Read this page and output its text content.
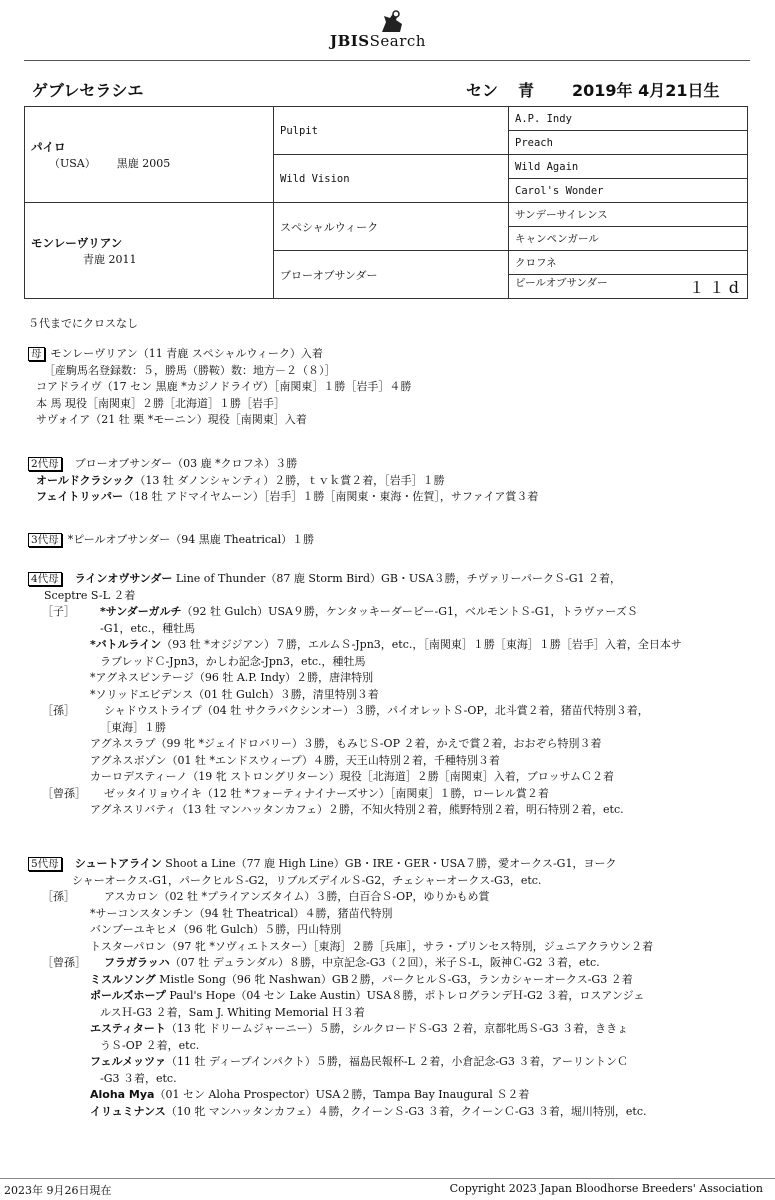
JBISSearch
ゲブレセラシエ	セン 青 2019年 4月21日生
パイロ
（USA） 黒鹿 2005	Pulpit	A.P. Indy
		Preach
	Wild Vision	Wild Again
		Carol's Wonder

モンレーヴリアン
青鹿 2011	スペシャルウィーク	サンデーサイレンス
		キャンペンガール
	ブローオブサンダー	クロフネ
		ピールオブサンダー １１d
５代までにクロスなし
母 モンレーヴリアン（11 青鹿 スペシャルウィーク）入着
［産駒馬名登録数：５，勝馬（勝鞍）数：地方－２（８）］
コアドライヴ（17 セン 黒鹿 *カジノドライヴ）［南関東］１勝［岩手］４勝
本 馬 現役［南関東］２勝［北海道］１勝［岩手］
サヴォイア（21 牡 栗 *モーニン）現役［南関東］入着
2代母 ブローオブサンダー（03 鹿 *クロフネ）３勝
オールドクラシック（13 牡 ダノンシャンティ）２勝，ｔｖｋ賞２着，［岩手］１勝
フェイトリッパー（18 牡 アドマイヤムーン）［岩手］１勝［南関東・東海・佐賀］，サファイア賞３着
3代母 *ピールオブサンダー（94 黒鹿 Theatrical）１勝
4代母 ラインオヴサンダー Line of Thunder（87 鹿 Storm Bird）GB・USA３勝，チヴァリーパークＳ-G1 ２着，
Sceptre S-L ２着
［子］ *サンダーガルチ（92 牡 Gulch）USA９勝，ケンタッキーダービー-G1，ベルモントＳ-G1，トラヴァーズＳ
-G1，etc.，種牡馬
*バトルライン（93 牡 *オジジアン）７勝，エルムＳ-Jpn3，etc.，［南関東］１勝［東海］１勝［岩手］入着，全日本サ
ラブレッドＣ-Jpn3，かしわ記念-Jpn3，etc.，種牡馬
*アグネスビンテージ（96 牡 A.P. Indy）２勝，唐津特別
*ソリッドエビデンス（01 牡 Gulch）３勝，清里特別３着
［孫］	シャドウストライプ（04 牡 サクラバクシンオー）３勝，パイオレットＳ-OP，北斗賞２着，猪苗代特別３着，
［東海］１勝
アグネスラプ（99 牝 *ジェイドロバリー）３勝，もみじＳ-OP ２着，かえで賞２着，おおぞら特別３着
アグネスボゾン（01 牡 *エンドスウィープ）４勝，天王山特別２着，千種特別３着
カーロデスティーノ（19 牝 ストロングリターン）現役［北海道］２勝［南関東］入着，ブロッサムＣ２着
［曾孫］ ゼッタイリョウイキ（12 牡 *フォーティナイナーズサン）［南関東］１勝，ローレル賞２着
アグネスリバティ（13 牡 マンハッタンカフェ）２勝，不知火特別２着，熊野特別２着，明石特別２着，etc.
5代母 シュートアライン Shoot a Line（77 鹿 High Line）GB・IRE・GER・USA７勝，愛オークス-G1，ヨーク
シャーオークス-G1，パークヒルＳ-G2，リブルズデイルＳ-G2，チェシャーオークス-G3，etc.
［孫］	アスカロン（02 牡 *プライアンズタイム）３勝，白百合Ｓ-OP，ゆりかもめ賞
*サーコンスタンチン（94 牡 Theatrical）４勝，猪苗代特別
バンブーユキヒメ（96 牝 Gulch）５勝，円山特別
トスターパロン（97 牝 *ソヴィエトスター）［東海］２勝［兵庫］，サラ・プリンセス特別，ジュニアクラウン２着
［曾孫］ フラガラッハ（07 牡 デュランダル）８勝，中京記念-G3（２回），米子Ｓ-L，阪神Ｃ-G2 ３着，etc.
ミスルソング Mistle Song（96 牝 Nashwan）GB２勝，パークヒルＳ-G3，ランカシャーオークス-G3 ２着
ポールズホープ Paul's Hope（04 セン Lake Austin）USA８勝，ポトレログランデＨ-G2 ３着，ロスアンジェ
ルスＨ-G3 ２着，Sam J. Whiting Memorial Ｈ３着
エスティタート（13 牝 ドリームジャーニー）５勝，シルクロードＳ-G3 ２着，京都牝馬Ｓ-G3 ３着，ききょ
うＳ-OP ２着，etc.
フェルメッツァ（11 牡 ディープインパクト）５勝，福島民報杯-L ２着，小倉記念-G3 ３着，アーリントンＣ
-G3 ３着，etc.
Aloha Mya（01 セン Aloha Prospector）USA２勝，Tampa Bay Inaugural Ｓ２着
イリュミナンス（10 牝 マンハッタンカフェ）４勝，クイーンＳ-G3 ３着，クイーンＣ-G3 ３着，堀川特別，etc.
2023年 9月26日現在	Copyright 2023 Japan Bloodhorse Breeders' Association
